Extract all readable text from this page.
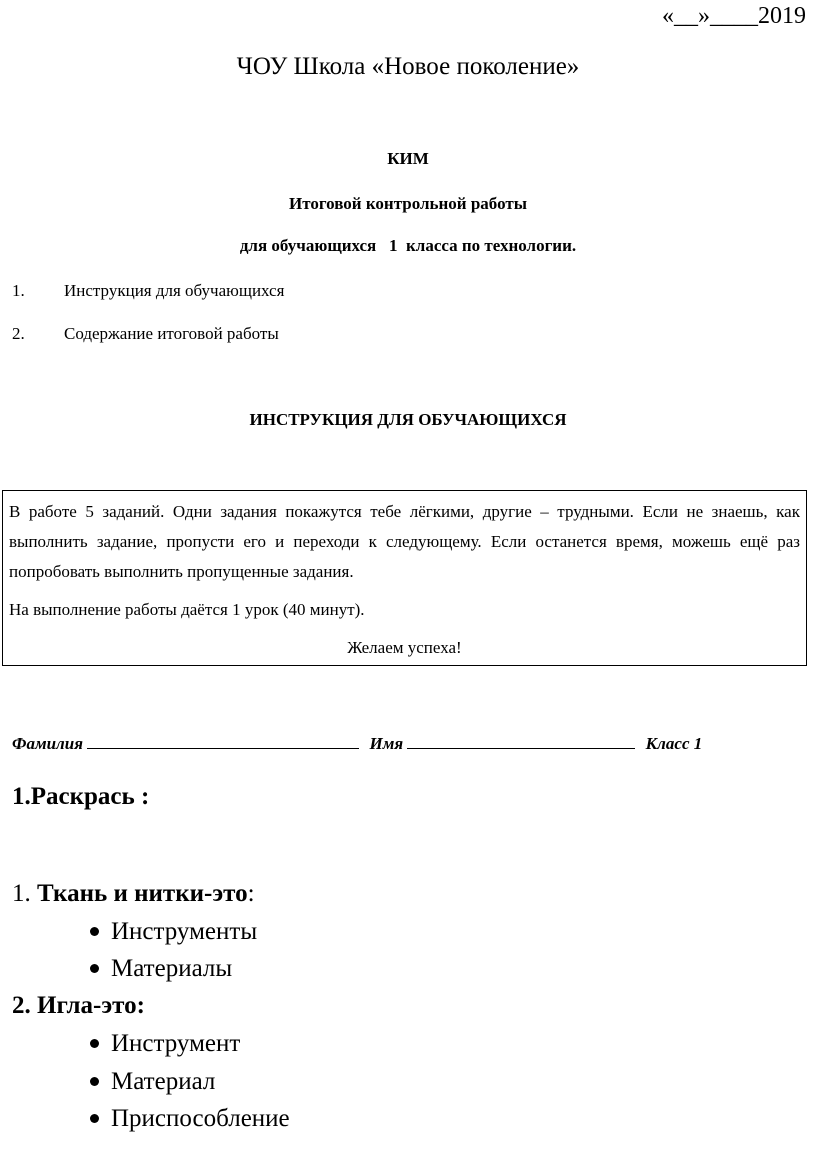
«__»____2019
ЧОУ Школа «Новое поколение»
КИМ
Итоговой контрольной работы
для обучающихся   1  класса по технологии.
1. Инструкция для обучающихся
2. Содержание итоговой работы
ИНСТРУКЦИЯ ДЛЯ ОБУЧАЮЩИХСЯ

В работе 5 заданий. Одни задания покажутся тебе лёгкими, другие – трудными. Если не знаешь, как выполнить задание, пропусти его и переходи к следующему. Если останется время, можешь ещё раз попробовать выполнить пропущенные задания.

На выполнение работы даётся 1 урок (40 минут).

Желаем успеха!

Фамилия	Имя	Класс 1
1.Раскрась :
1. Ткань и нитки-это:
Инструменты
Материалы
2. Игла-это:
Инструмент
Материал
Приспособление
